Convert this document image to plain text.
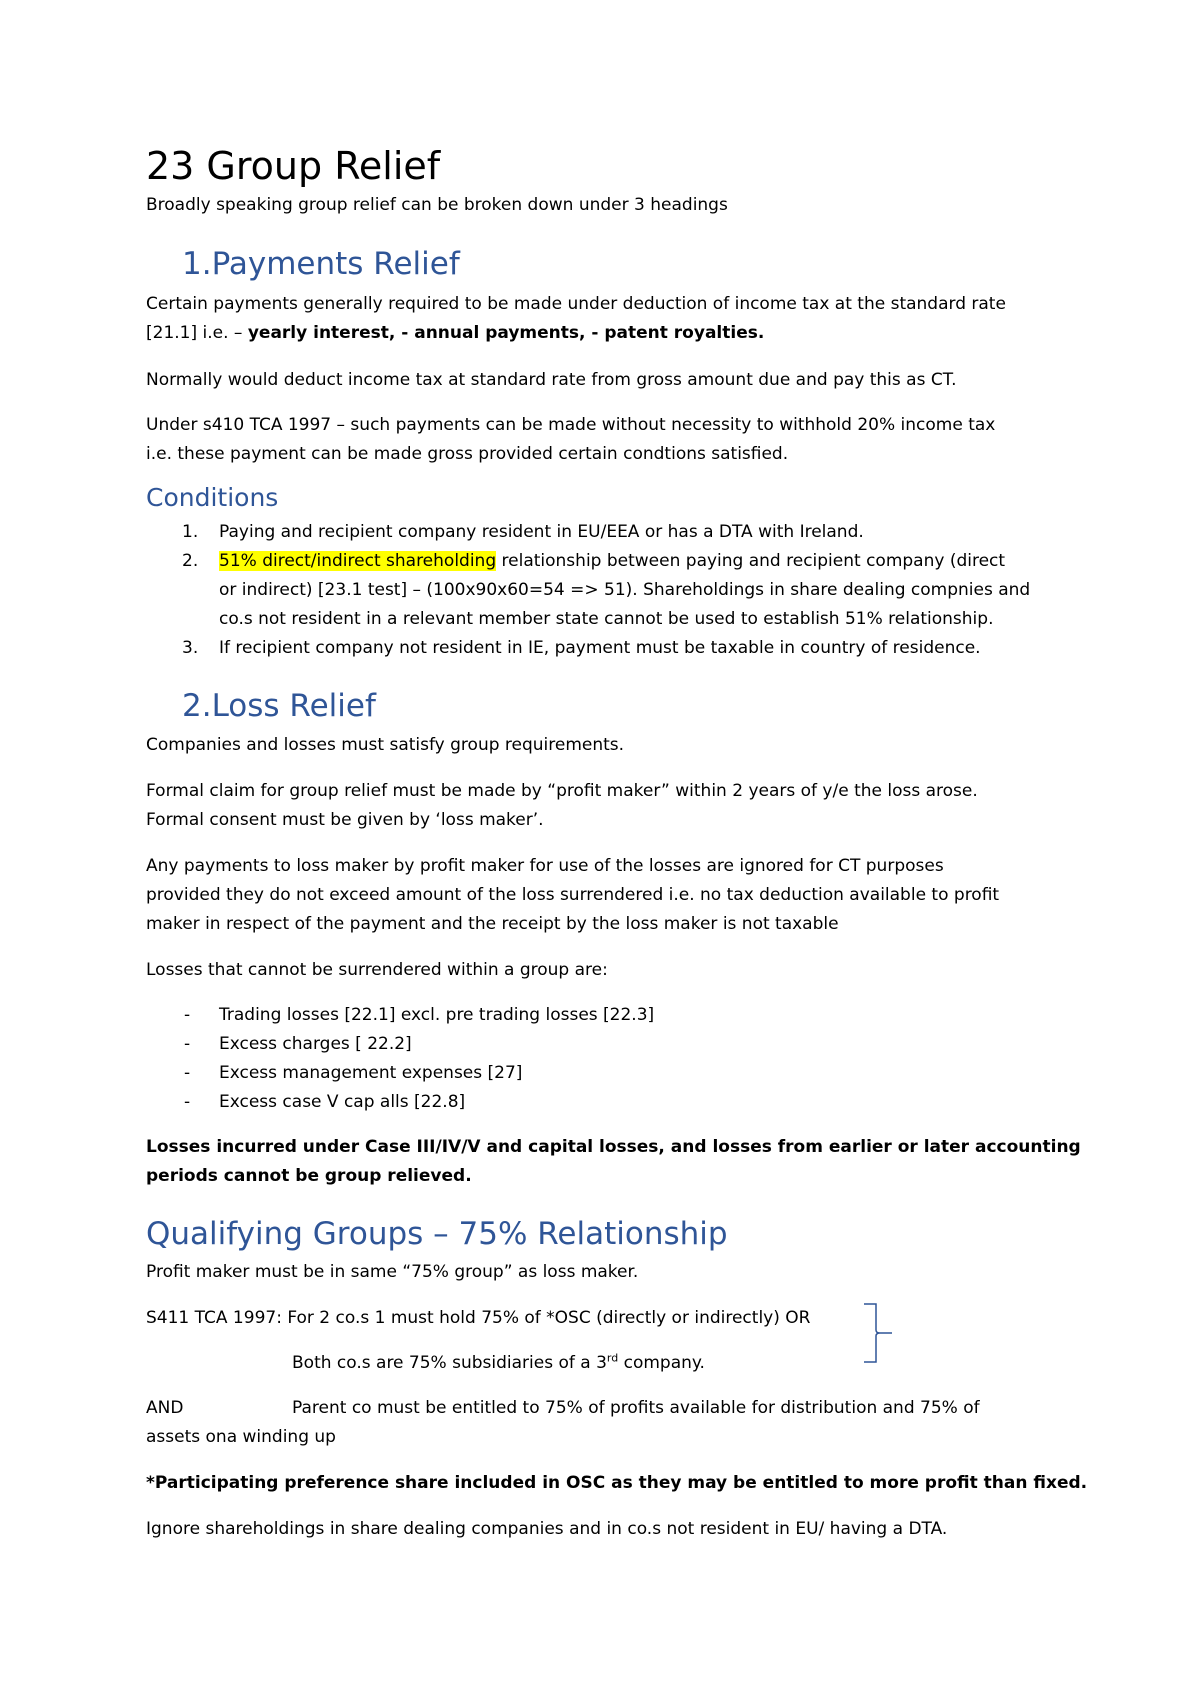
23 Group Relief
Broadly speaking group relief can be broken down under 3 headings
1.Payments Relief
Certain payments generally required to be made under deduction of income tax at the standard rate
[21.1] i.e. – yearly interest, - annual payments, - patent royalties.
Normally would deduct income tax at standard rate from gross amount due and pay this as CT.
Under s410 TCA 1997 – such payments can be made without necessity to withhold 20% income tax
i.e. these payment can be made gross provided certain condtions satisfied.
Conditions
1. Paying and recipient company resident in EU/EEA or has a DTA with Ireland.
2. 51% direct/indirect shareholding relationship between paying and recipient company (direct
or indirect) [23.1 test] – (100x90x60=54 => 51). Shareholdings in share dealing compnies and
co.s not resident in a relevant member state cannot be used to establish 51% relationship.
3. If recipient company not resident in IE, payment must be taxable in country of residence.
2.Loss Relief
Companies and losses must satisfy group requirements.
Formal claim for group relief must be made by “profit maker” within 2 years of y/e the loss arose.
Formal consent must be given by ‘loss maker’.
Any payments to loss maker by profit maker for use of the losses are ignored for CT purposes
provided they do not exceed amount of the loss surrendered i.e. no tax deduction available to profit
maker in respect of the payment and the receipt by the loss maker is not taxable
Losses that cannot be surrendered within a group are:
- Trading losses [22.1] excl. pre trading losses [22.3]
- Excess charges [ 22.2]
- Excess management expenses [27]
- Excess case V cap alls [22.8]
Losses incurred under Case III/IV/V and capital losses, and losses from earlier or later accounting
periods cannot be group relieved.
Qualifying Groups – 75% Relationship
Profit maker must be in same “75% group” as loss maker.
S411 TCA 1997: For 2 co.s 1 must hold 75% of *OSC (directly or indirectly) OR
Both co.s are 75% subsidiaries of a 3rd company.
AND	Parent co must be entitled to 75% of profits available for distribution and 75% of
assets ona winding up
*Participating preference share included in OSC as they may be entitled to more profit than fixed.
Ignore shareholdings in share dealing companies and in co.s not resident in EU/ having a DTA.
